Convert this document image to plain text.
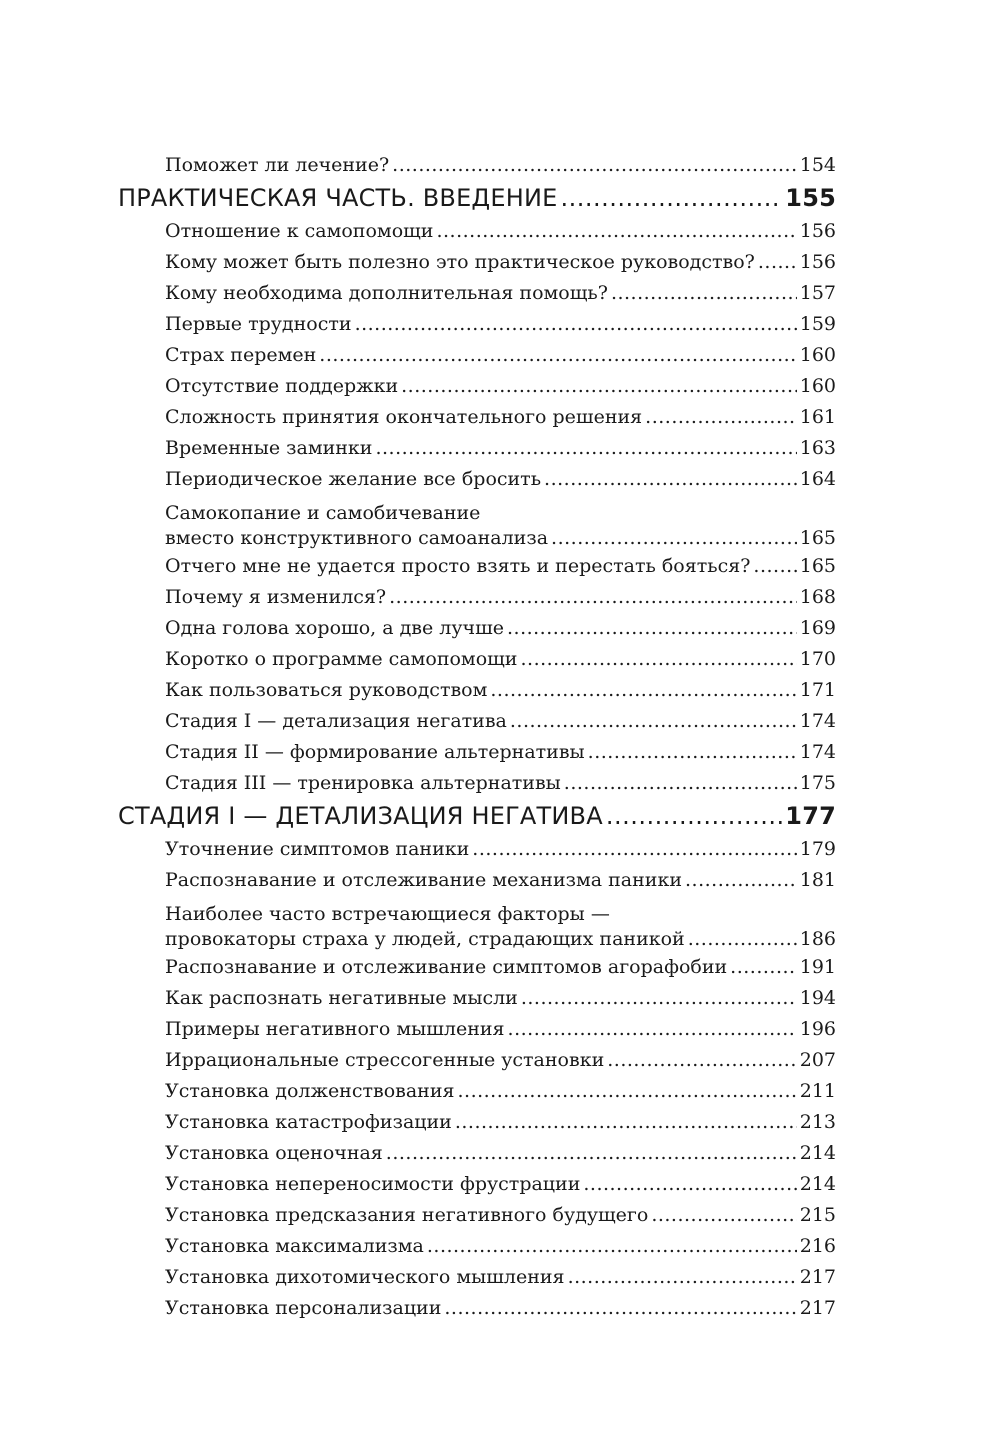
Поможет ли лечение? .....	154
ПРАКТИЧЕСКАЯ ЧАСТЬ. ВВЕДЕНИЕ .....	155
Отношение к самопомощи .....	156
Кому может быть полезно это практическое руководство? ..... 156
Кому необходима дополнительная помощь? .....	157
Первые трудности .....	159
Страх перемен .....	160
Отсутствие поддержки .....	160
Сложность принятия окончательного решения .....	161
Временные заминки .....	163
Периодическое желание все бросить .....	164
Самокопание и самобичевание
вместо конструктивного самоанализа .....	165
Отчего мне не удается просто взять и перестать бояться? .....	165
Почему я изменился? .....	168
Одна голова хорошо, а две лучше .....	169
Коротко о программе самопомощи .....	170
Как пользоваться руководством .....	171
Стадия I — детализация негатива .....	174
Стадия II — формирование альтернативы .....	174
Стадия III — тренировка альтернативы .....	175
СТАДИЯ I — ДЕТАЛИЗАЦИЯ НЕГАТИВА .....	177
Уточнение симптомов паники .....	179
Распознавание и отслеживание механизма паники .....	181
Наиболее часто встречающиеся факторы —
провокаторы страха у людей, страдающих паникой .....	186
Распознавание и отслеживание симптомов агорафобии .....	191
Как распознать негативные мысли .....	194
Примеры негативного мышления .....	196
Иррациональные стрессогенные установки .....	207
Установка долженствования .....	211
Установка катастрофизации .....	213
Установка оценочная .....	214
Установка непереносимости фрустрации .....	214
Установка предсказания негативного будущего .....	215
Установка максимализма .....	216
Установка дихотомического мышления .....	217
Установка персонализации .....	217
